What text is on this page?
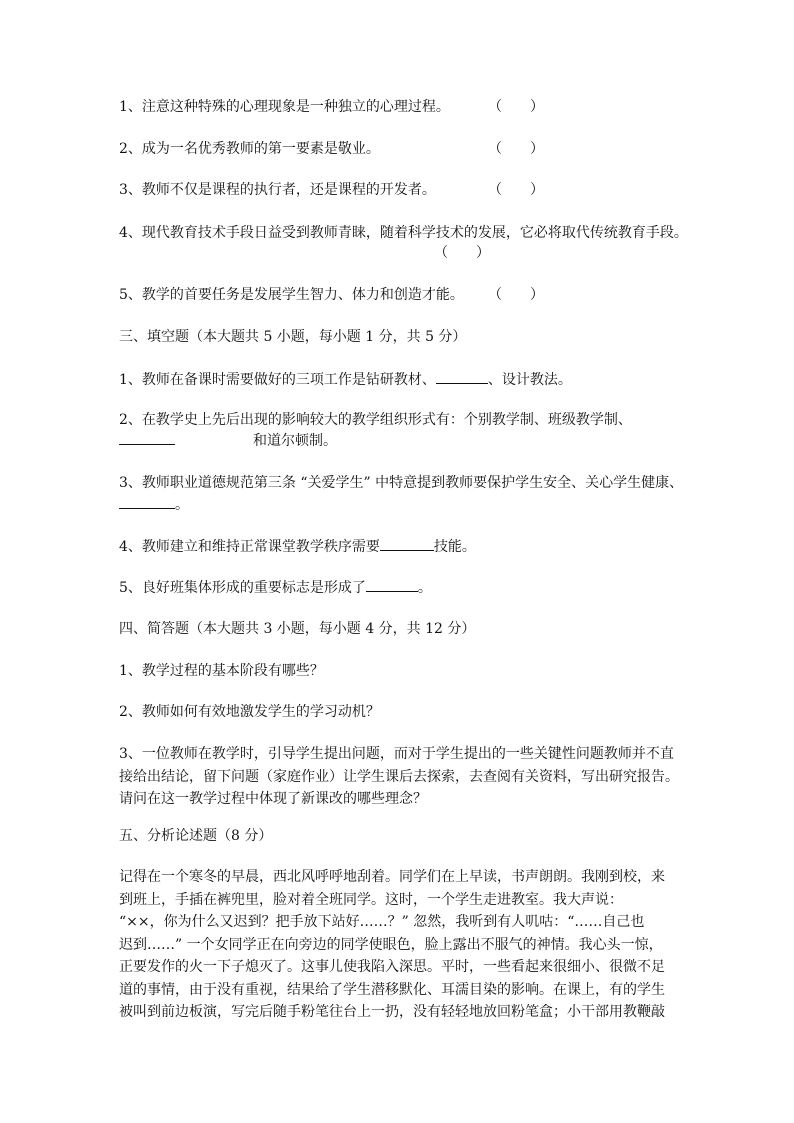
1、注意这种特殊的心理现象是一种独立的心理过程。	（　　）

2、成为一名优秀教师的第一要素是敬业。	（　　）

3、教师不仅是课程的执行者，还是课程的开发者。	（　　）

4、现代教育技术手段日益受到教师青睐，随着科学技术的发展，它必将取代传统教育手段。

（　　）

5、教学的首要任务是发展学生智力、体力和创造才能。 （　　）

三、填空题（本大题共 5 小题，每小题 1 分，共 5 分）

1、教师在备课时需要做好的三项工作是钻研教材、	、设计教法。

2、在教学史上先后出现的影响较大的教学组织形式有：个别教学制、班级教学制、

和道尔顿制。

3、教师职业道德规范第三条 “关爱学生” 中特意提到教师要保护学生安全、关心学生健康、

。

4、教师建立和维持正常课堂教学秩序需要	技能。

5、良好班集体形成的重要标志是形成了	。

四、简答题（本大题共 3 小题，每小题 4 分，共 12 分）

1、教学过程的基本阶段有哪些？

2、教师如何有效地激发学生的学习动机？

3、一位教师在教学时，引导学生提出问题，而对于学生提出的一些关键性问题教师并不直
接给出结论，留下问题（家庭作业）让学生课后去探索，去查阅有关资料，写出研究报告。
请问在这一教学过程中体现了新课改的哪些理念？

五、分析论述题（8 分）

记得在一个寒冬的早晨，西北风呼呼地刮着。同学们在上早读，书声朗朗。我刚到校，来
到班上，手插在裤兜里，脸对着全班同学。这时，一个学生走进教室。我大声说：
“××，你为什么又迟到？把手放下站好……？” 忽然，我听到有人叽咕：“……自己也
迟到……” 一个女同学正在向旁边的同学使眼色，脸上露出不服气的神情。我心头一惊，
正要发作的火一下子熄灭了。这事儿使我陷入深思。平时，一些看起来很细小、很微不足
道的事情，由于没有重视，结果给了学生潜移默化、耳濡目染的影响。在课上，有的学生
被叫到前边板演，写完后随手粉笔往台上一扔，没有轻轻地放回粉笔盒；小干部用教鞭敲
